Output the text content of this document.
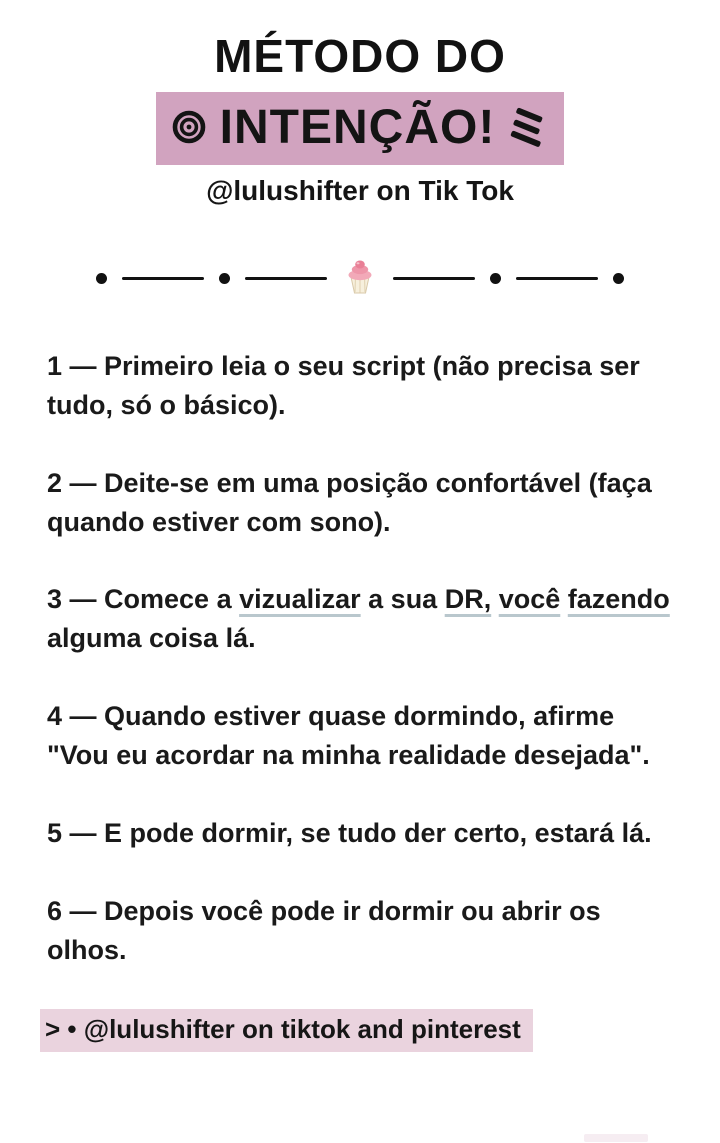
MÉTODO DO
INTENÇÃO!
@lulushifter on Tik Tok

1 — Primeiro leia o seu script (não precisa ser tudo, só o básico).

2 — Deite-se em uma posição confortável (faça quando estiver com sono).

3 — Comece a vizualizar a sua DR, você fazendo alguma coisa lá.

4 — Quando estiver quase dormindo, afirme "Vou eu acordar na minha realidade desejada".

5 — E pode dormir, se tudo der certo, estará lá.

6 — Depois você pode ir dormir ou abrir os olhos.

> • @lulushifter on tiktok and pinterest
